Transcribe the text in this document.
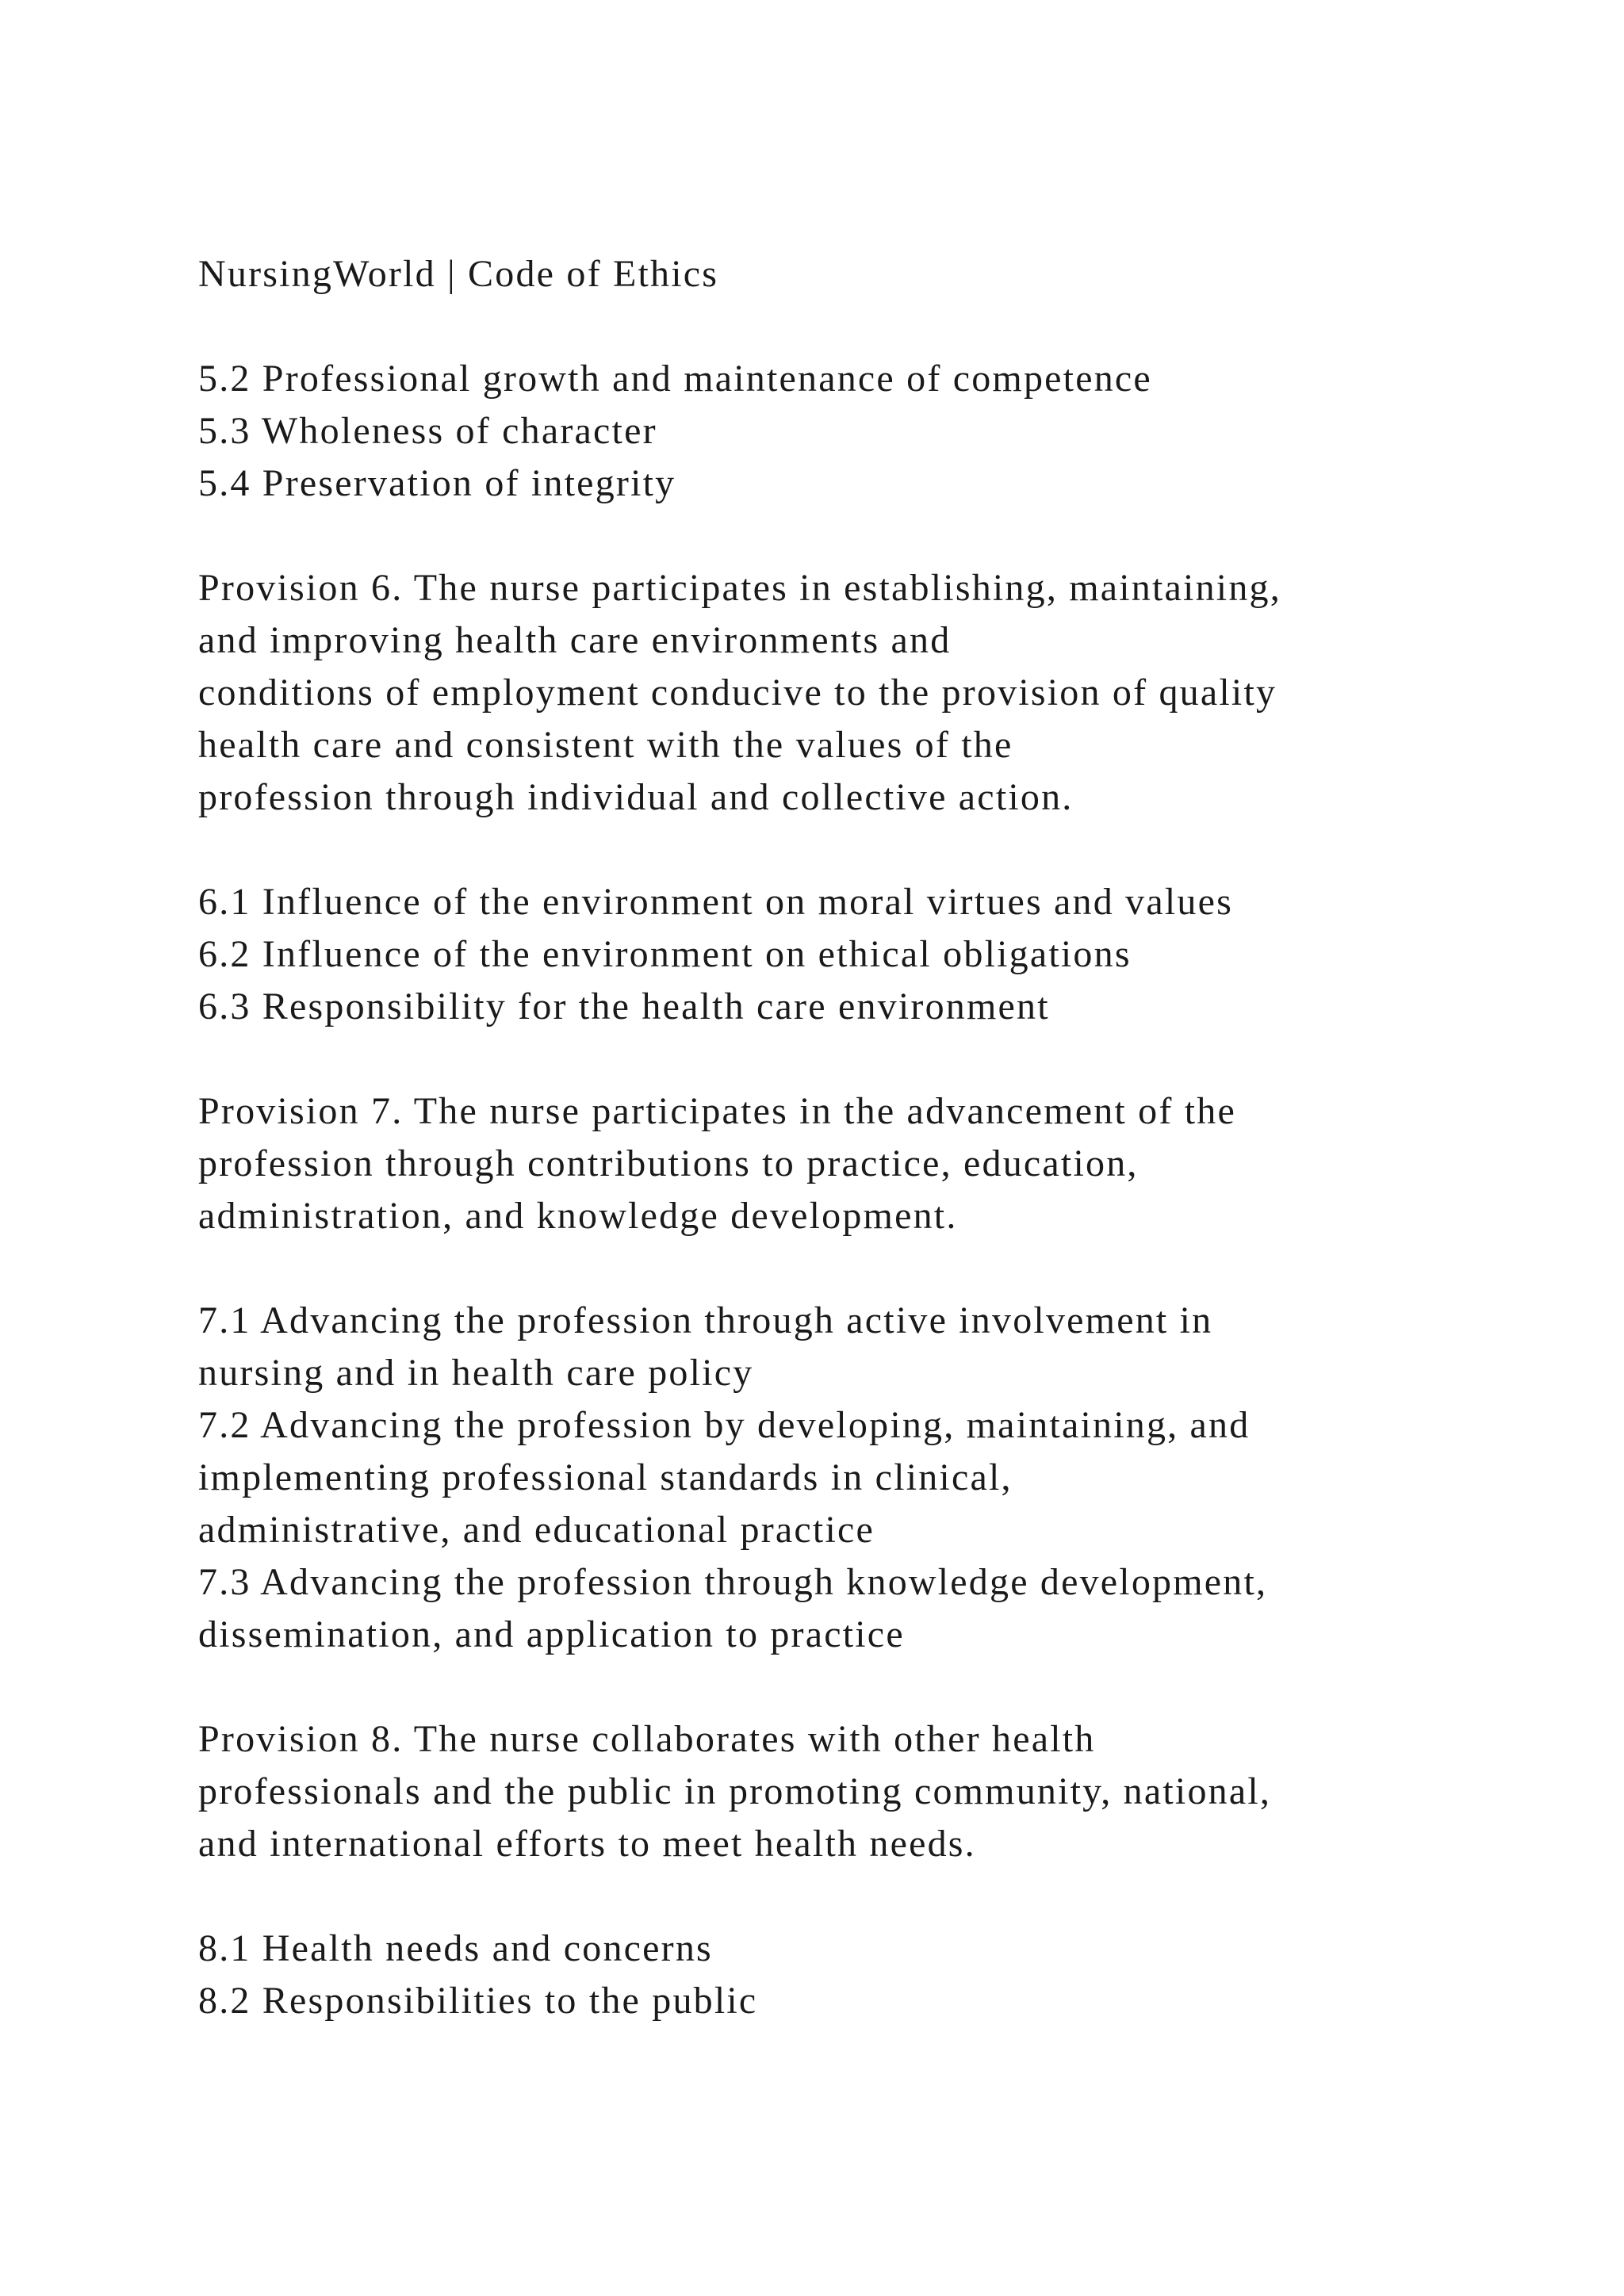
NursingWorld | Code of Ethics
5.2 Professional growth and maintenance of competence
5.3 Wholeness of character
5.4 Preservation of integrity
Provision 6. The nurse participates in establishing, maintaining,
and improving health care environments and
conditions of employment conducive to the provision of quality
health care and consistent with the values of the
profession through individual and collective action.
6.1 Influence of the environment on moral virtues and values
6.2 Influence of the environment on ethical obligations
6.3 Responsibility for the health care environment
Provision 7. The nurse participates in the advancement of the
profession through contributions to practice, education,
administration, and knowledge development.
7.1 Advancing the profession through active involvement in
nursing and in health care policy
7.2 Advancing the profession by developing, maintaining, and
implementing professional standards in clinical,
administrative, and educational practice
7.3 Advancing the profession through knowledge development,
dissemination, and application to practice
Provision 8. The nurse collaborates with other health
professionals and the public in promoting community, national,
and international efforts to meet health needs.
8.1 Health needs and concerns
8.2 Responsibilities to the public
